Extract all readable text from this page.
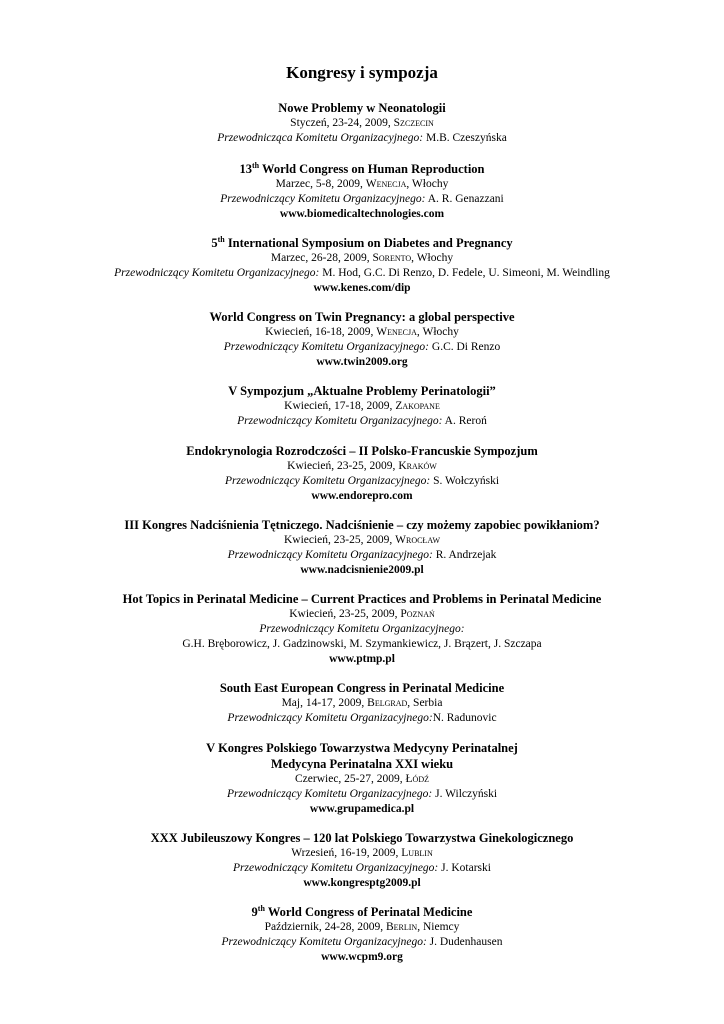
Kongresy i sympozja
Nowe Problemy w Neonatologii
Styczeń, 23-24, 2009, Szczecin
Przewodnicząca Komitetu Organizacyjnego: M.B. Czeszyńska
13th World Congress on Human Reproduction
Marzec, 5-8, 2009, Wenecja, Włochy
Przewodniczący Komitetu Organizacyjnego: A. R. Genazzani
www.biomedicaltechnologies.com
5th International Symposium on Diabetes and Pregnancy
Marzec, 26-28, 2009, Sorento, Włochy
Przewodniczący Komitetu Organizacyjnego: M. Hod, G.C. Di Renzo, D. Fedele, U. Simeoni, M. Weindling
www.kenes.com/dip
World Congress on Twin Pregnancy: a global perspective
Kwiecień, 16-18, 2009, Wenecja, Włochy
Przewodniczący Komitetu Organizacyjnego: G.C. Di Renzo
www.twin2009.org
V Sympozjum „Aktualne Problemy Perinatologii”
Kwiecień, 17-18, 2009, Zakopane
Przewodniczący Komitetu Organizacyjnego: A. Reroń
Endokrynologia Rozrodczości – II Polsko-Francuskie Sympozjum
Kwiecień, 23-25, 2009, Kraków
Przewodniczący Komitetu Organizacyjnego: S. Wołczyński
www.endorepro.com
III Kongres Nadciśnienia Tętniczego. Nadciśnienie – czy możemy zapobiec powikłaniom?
Kwiecień, 23-25, 2009, Wrocław
Przewodniczący Komitetu Organizacyjnego: R. Andrzejak
www.nadcisnienie2009.pl
Hot Topics in Perinatal Medicine – Current Practices and Problems in Perinatal Medicine
Kwiecień, 23-25, 2009, Poznań
Przewodniczący Komitetu Organizacyjnego:
G.H. Bręborowicz, J. Gadzinowski, M. Szymankiewicz, J. Brązert, J. Szczapa
www.ptmp.pl
South East European Congress in Perinatal Medicine
Maj, 14-17, 2009, Belgrad, Serbia
Przewodniczący Komitetu Organizacyjnego:N. Radunovic
V Kongres Polskiego Towarzystwa Medycyny Perinatalnej
Medycyna Perinatalna XXI wieku
Czerwiec, 25-27, 2009, Łódź
Przewodniczący Komitetu Organizacyjnego: J. Wilczyński
www.grupamedica.pl
XXX Jubileuszowy Kongres – 120 lat Polskiego Towarzystwa Ginekologicznego
Wrzesień, 16-19, 2009, Lublin
Przewodniczący Komitetu Organizacyjnego: J. Kotarski
www.kongresptg2009.pl
9th World Congress of Perinatal Medicine
Październik, 24-28, 2009, Berlin, Niemcy
Przewodniczący Komitetu Organizacyjnego: J. Dudenhausen
www.wcpm9.org
